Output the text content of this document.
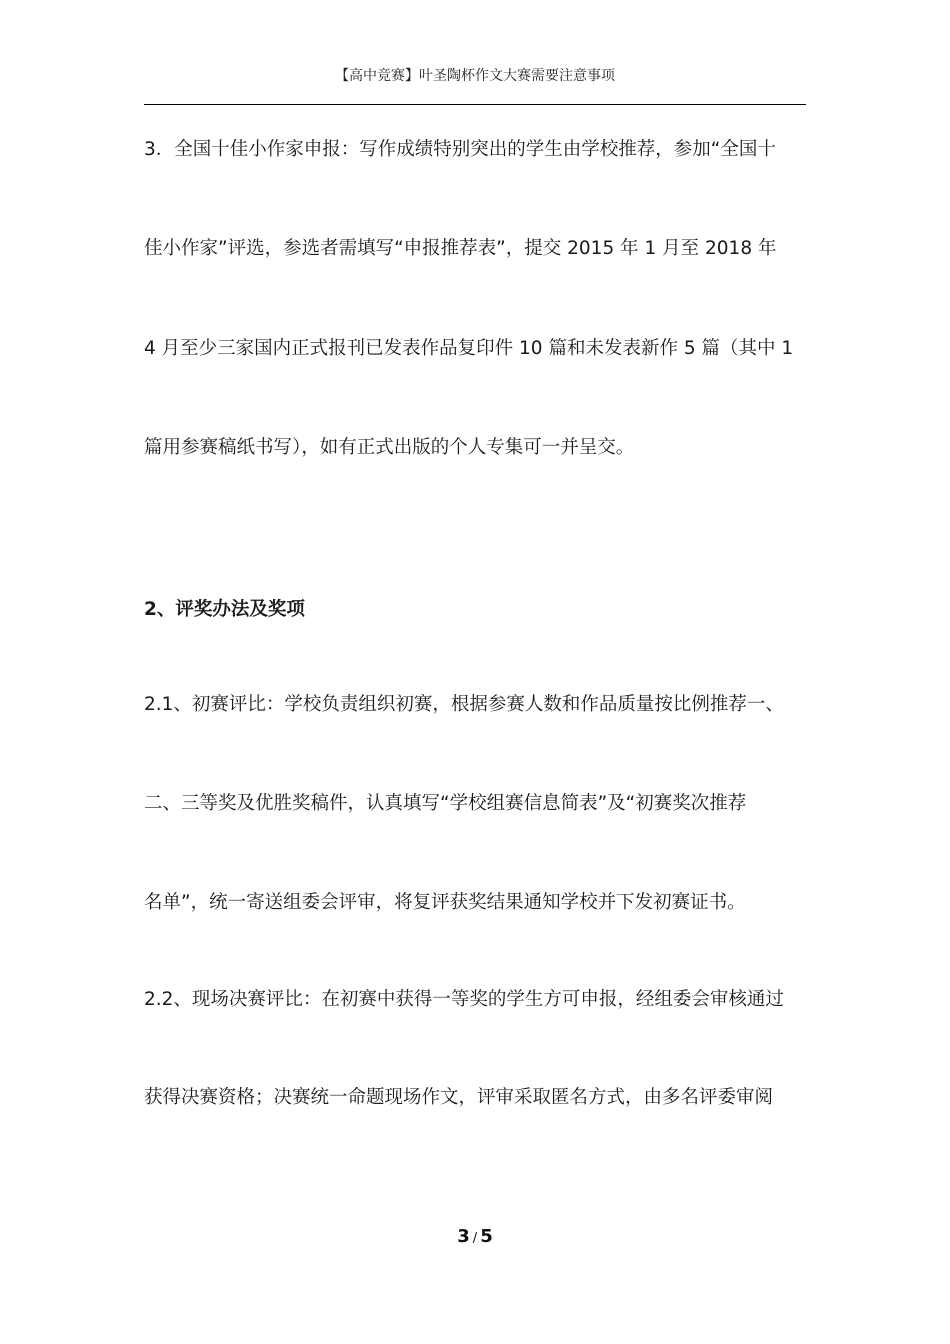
【高中竞赛】叶圣陶杯作文大赛需要注意事项
3．全国十佳小作家申报：写作成绩特别突出的学生由学校推荐，参加“全国十
佳小作家”评选，参选者需填写“申报推荐表”，提交 2015 年 1 月至 2018 年
4 月至少三家国内正式报刊已发表作品复印件 10 篇和未发表新作 5 篇（其中 1
篇用参赛稿纸书写），如有正式出版的个人专集可一并呈交。
2、评奖办法及奖项
2.1、初赛评比：学校负责组织初赛，根据参赛人数和作品质量按比例推荐一、
二、三等奖及优胜奖稿件，认真填写“学校组赛信息简表”及“初赛奖次推荐
名单”，统一寄送组委会评审，将复评获奖结果通知学校并下发初赛证书。
2.2、现场决赛评比：在初赛中获得一等奖的学生方可申报，经组委会审核通过
获得决赛资格；决赛统一命题现场作文，评审采取匿名方式，由多名评委审阅
3 / 5
